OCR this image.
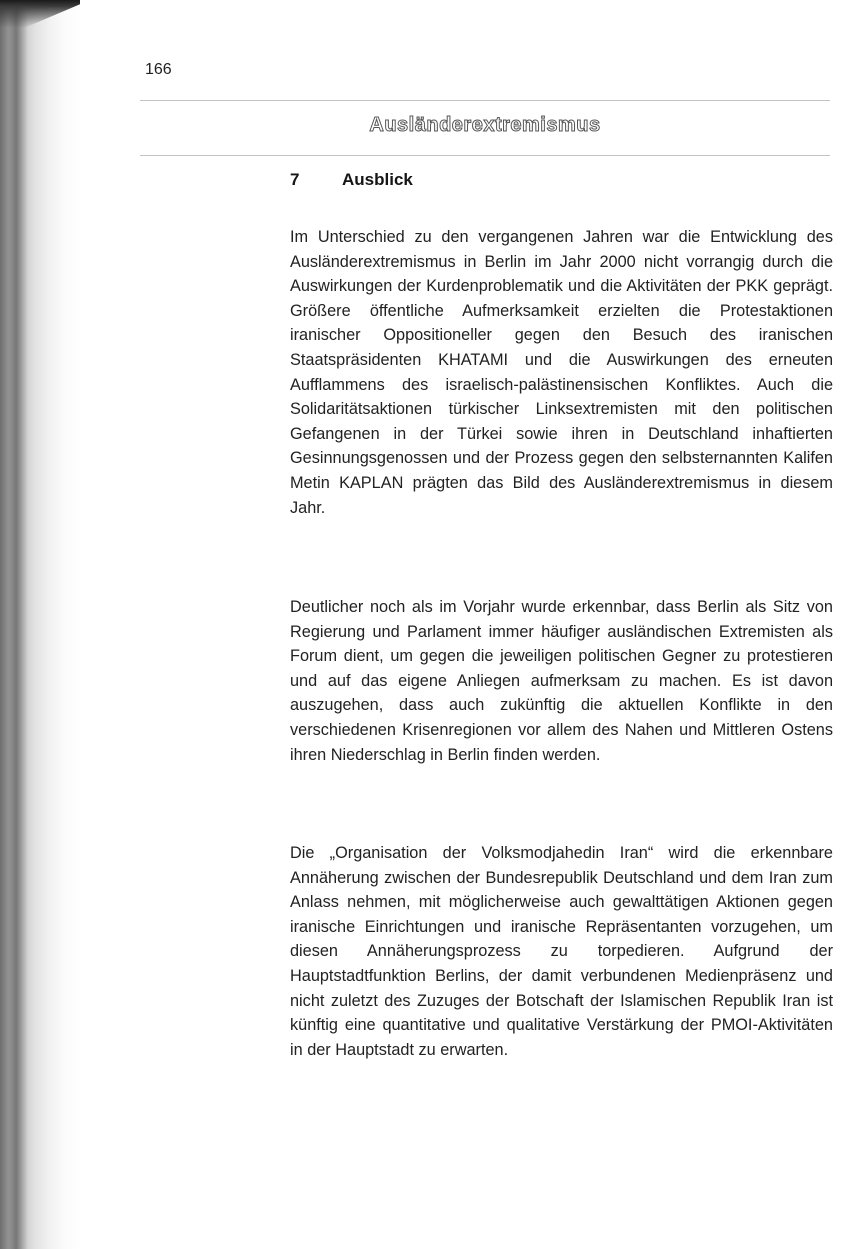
166
Ausländerextremismus
7	Ausblick
Im Unterschied zu den vergangenen Jahren war die Entwicklung des Ausländerextremismus in Berlin im Jahr 2000 nicht vorrangig durch die Auswirkungen der Kurdenproblematik und die Aktivitäten der PKK geprägt. Größere öffentliche Aufmerksamkeit erzielten die Protestaktionen iranischer Oppositioneller gegen den Besuch des iranischen Staatspräsidenten KHATAMI und die Auswirkungen des erneuten Aufflammens des israelisch-palästinensischen Konfliktes. Auch die Solidaritätsaktionen türkischer Linksextremisten mit den politischen Gefangenen in der Türkei sowie ihren in Deutschland inhaftierten Gesinnungsgenossen und der Prozess gegen den selbsternannten Kalifen Metin KAPLAN prägten das Bild des Ausländerextremismus in diesem Jahr.
Deutlicher noch als im Vorjahr wurde erkennbar, dass Berlin als Sitz von Regierung und Parlament immer häufiger ausländischen Extremisten als Forum dient, um gegen die jeweiligen politischen Gegner zu protestieren und auf das eigene Anliegen aufmerksam zu machen. Es ist davon auszugehen, dass auch zukünftig die aktuellen Konflikte in den verschiedenen Krisenregionen vor allem des Nahen und Mittleren Ostens ihren Niederschlag in Berlin finden werden.
Die „Organisation der Volksmodjahedin Iran“ wird die erkennbare Annäherung zwischen der Bundesrepublik Deutschland und dem Iran zum Anlass nehmen, mit möglicherweise auch gewalttätigen Aktionen gegen iranische Einrichtungen und iranische Repräsentanten vorzugehen, um diesen Annäherungsprozess zu torpedieren. Aufgrund der Hauptstadtfunktion Berlins, der damit verbundenen Medienpräsenz und nicht zuletzt des Zuzuges der Botschaft der Islamischen Republik Iran ist künftig eine quantitative und qualitative Verstärkung der PMOI-Aktivitäten in der Hauptstadt zu erwarten.
